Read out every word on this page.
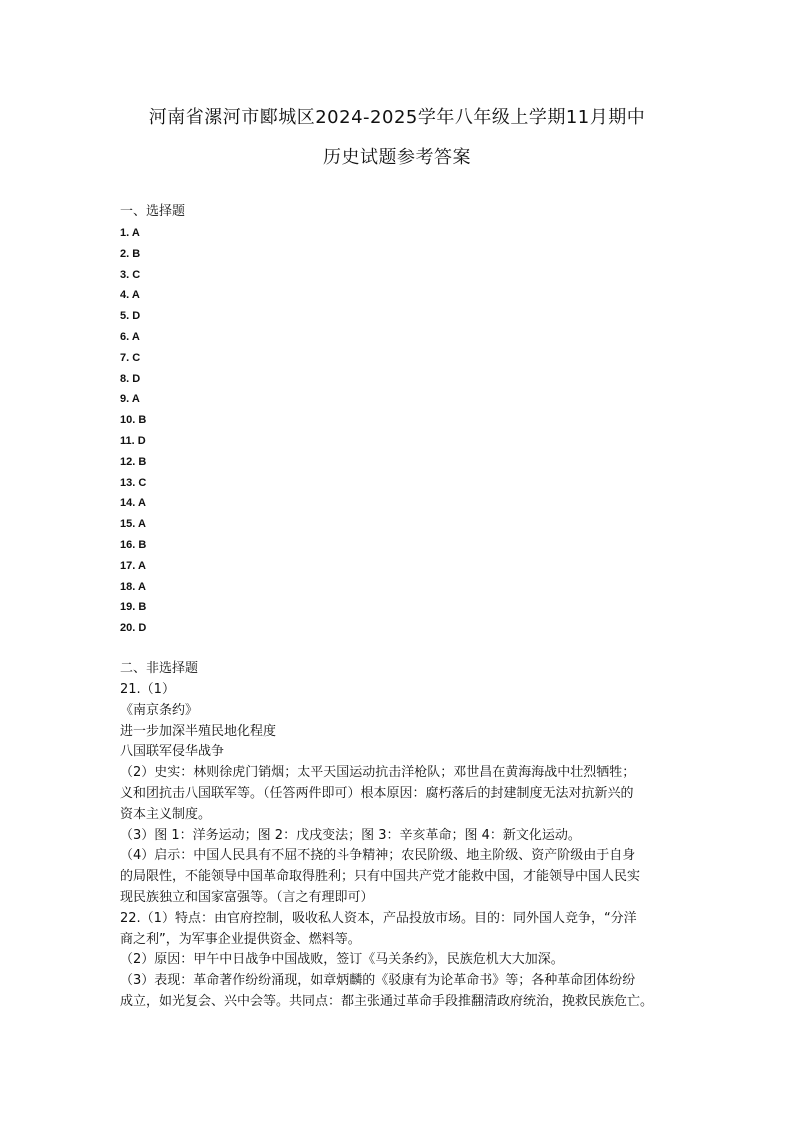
河南省漯河市郾城区2024-2025学年八年级上学期11月期中
历史试题参考答案
一、选择题
1. A
2. B
3. C
4. A
5. D
6. A
7. C
8. D
9. A
10. B
11. D
12. B
13. C
14. A
15. A
16. B
17. A
18. A
19. B
20. D
二、非选择题
21.（1）
《南京条约》
进一步加深半殖民地化程度
八国联军侵华战争
（2）史实：林则徐虎门销烟；太平天国运动抗击洋枪队；邓世昌在黄海海战中壮烈牺牲；
义和团抗击八国联军等。（任答两件即可）根本原因：腐朽落后的封建制度无法对抗新兴的
资本主义制度。
（3）图 1：洋务运动；图 2：戊戌变法；图 3：辛亥革命；图 4：新文化运动。
（4）启示：中国人民具有不屈不挠的斗争精神；农民阶级、地主阶级、资产阶级由于自身
的局限性，不能领导中国革命取得胜利；只有中国共产党才能救中国，才能领导中国人民实
现民族独立和国家富强等。（言之有理即可）
22.（1）特点：由官府控制，吸收私人资本，产品投放市场。目的：同外国人竞争，“分洋
商之利”，为军事企业提供资金、燃料等。
（2）原因：甲午中日战争中国战败，签订《马关条约》，民族危机大大加深。
（3）表现：革命著作纷纷涌现，如章炳麟的《驳康有为论革命书》等；各种革命团体纷纷
成立，如光复会、兴中会等。共同点：都主张通过革命手段推翻清政府统治，挽救民族危亡。
